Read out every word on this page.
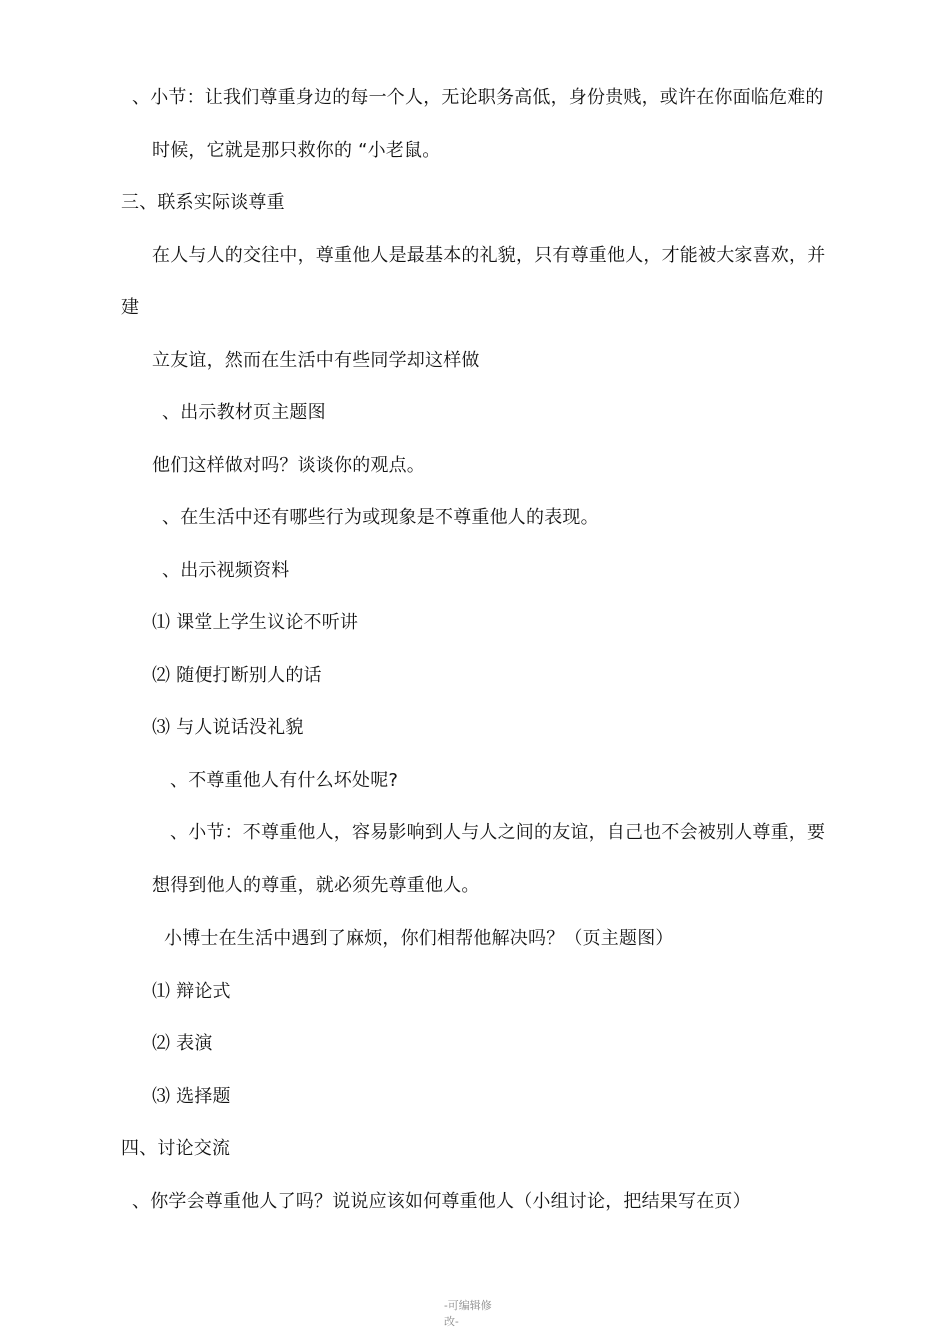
、小节：让我们尊重身边的每一个人，无论职务高低，身份贵贱，或许在你面临危难的
时候，它就是那只救你的 “小老鼠。
三、联系实际谈尊重
在人与人的交往中，尊重他人是最基本的礼貌，只有尊重他人，才能被大家喜欢，并
建
立友谊，然而在生活中有些同学却这样做
、出示教材页主题图
他们这样做对吗？谈谈你的观点。
、在生活中还有哪些行为或现象是不尊重他人的表现。
、出示视频资料
⑴ 课堂上学生议论不听讲
⑵ 随便打断别人的话
⑶ 与人说话没礼貌
、不尊重他人有什么坏处呢?
、小节：不尊重他人，容易影响到人与人之间的友谊，自己也不会被别人尊重，要
想得到他人的尊重，就必须先尊重他人。
小博士在生活中遇到了麻烦，你们相帮他解决吗？（页主题图）
⑴ 辩论式
⑵ 表演
⑶ 选择题
四、讨论交流
、你学会尊重他人了吗？说说应该如何尊重他人（小组讨论，把结果写在页）
-可编辑修
改-
